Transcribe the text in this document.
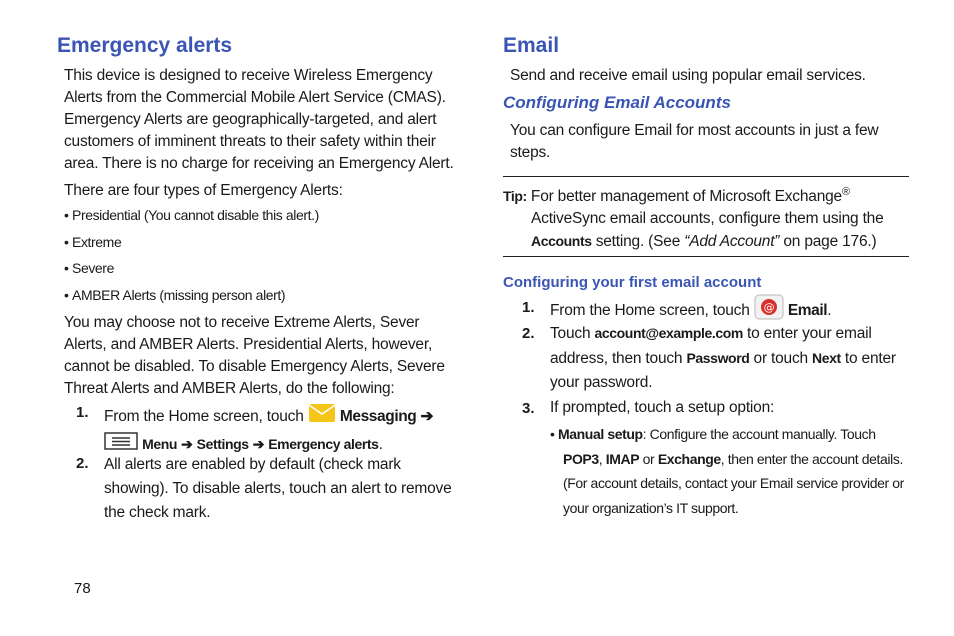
Emergency alerts
This device is designed to receive Wireless Emergency Alerts from the Commercial Mobile Alert Service (CMAS). Emergency Alerts are geographically-targeted, and alert customers of imminent threats to their safety within their area. There is no charge for receiving an Emergency Alert.
There are four types of Emergency Alerts:
• Presidential (You cannot disable this alert.)
• Extreme
• Severe
• AMBER Alerts (missing person alert)
You may choose not to receive Extreme Alerts, Sever Alerts, and AMBER Alerts. Presidential Alerts, however, cannot be disabled. To disable Emergency Alerts, Severe Threat Alerts and AMBER Alerts, do the following:
1. From the Home screen, touch Messaging ➔
Menu ➔ Settings ➔ Emergency alerts.
2. All alerts are enabled by default (check mark showing). To disable alerts, touch an alert to remove the check mark.
78
Email
Send and receive email using popular email services.
Configuring Email Accounts
You can configure Email for most accounts in just a few steps.
Tip: For better management of Microsoft Exchange®
ActiveSync email accounts, configure them using the
Accounts setting. (See “Add Account” on page 176.)
Configuring your first email account
1. From the Home screen, touch @ Email.
2. Touch account@example.com to enter your email address, then touch Password or touch Next to enter your password.
3. If prompted, touch a setup option:
• Manual setup: Configure the account manually. Touch POP3, IMAP or Exchange, then enter the account details. (For account details, contact your Email service provider or your organization’s IT support.
